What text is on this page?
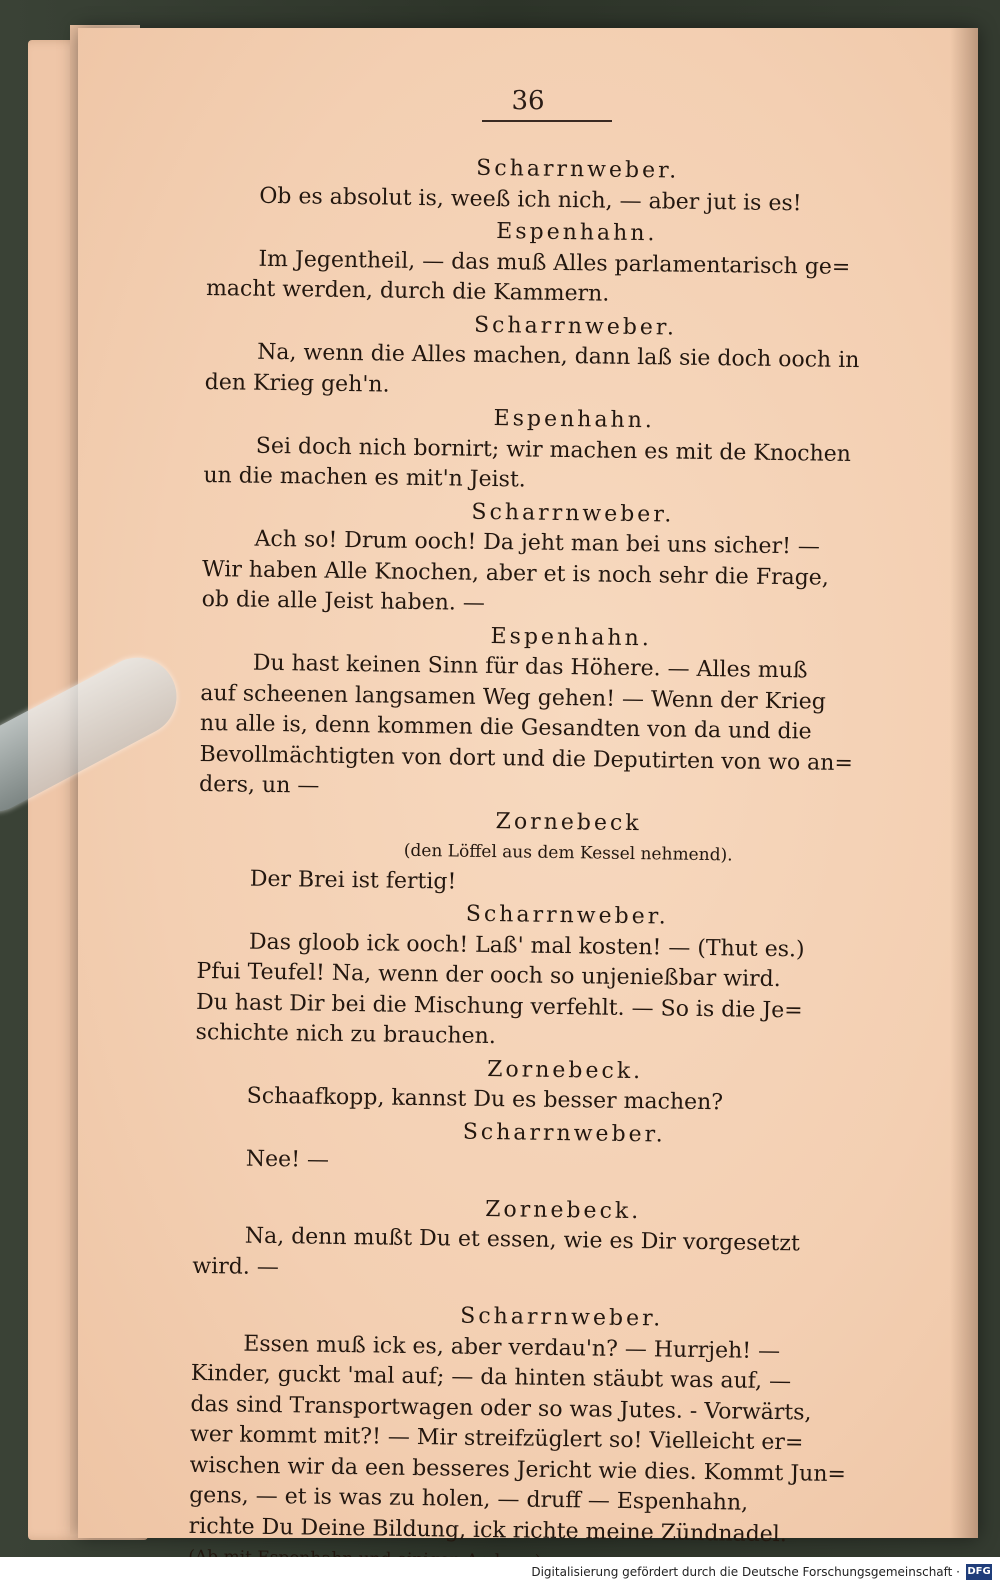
36

Scharrnweber.

Ob es absolut is, weeß ich nich, — aber jut is es!

Espenhahn.

Im Jegentheil, — das muß Alles parlamentarisch ge=

macht werden, durch die Kammern.

Scharrnweber.

Na, wenn die Alles machen, dann laß sie doch ooch in

den Krieg geh'n.

Espenhahn.

Sei doch nich bornirt; wir machen es mit de Knochen

un die machen es mit'n Jeist.

Scharrnweber.

Ach so! Drum ooch! Da jeht man bei uns sicher! —

Wir haben Alle Knochen, aber et is noch sehr die Frage,

ob die alle Jeist haben. —

Espenhahn.

Du hast keinen Sinn für das Höhere. — Alles muß

auf scheenen langsamen Weg gehen! — Wenn der Krieg

nu alle is, denn kommen die Gesandten von da und die

Bevollmächtigten von dort und die Deputirten von wo an=

ders, un —

Zornebeck

(den Löffel aus dem Kessel nehmend).

Der Brei ist fertig!

Scharrnweber.

Das gloob ick ooch! Laß' mal kosten! — (Thut es.)

Pfui Teufel! Na, wenn der ooch so unjenießbar wird.

Du hast Dir bei die Mischung verfehlt. — So is die Je=

schichte nich zu brauchen.

Zornebeck.

Schaafkopp, kannst Du es besser machen?

Scharrnweber.

Nee! —

Zornebeck.

Na, denn mußt Du et essen, wie es Dir vorgesetzt

wird. —

Scharrnweber.

Essen muß ick es, aber verdau'n? — Hurrjeh! —

Kinder, guckt 'mal auf; — da hinten stäubt was auf, —

das sind Transportwagen oder so was Jutes. - Vorwärts,

wer kommt mit?! — Mir streifzüglert so! Vielleicht er=

wischen wir da een besseres Jericht wie dies. Kommt Jun=

gens, — et is was zu holen, — druff — Espenhahn,

richte Du Deine Bildung, ick richte meine Zündnadel.

Digitalisierung gefördert durch die Deutsche Forschungsgemeinschaft · DFG
